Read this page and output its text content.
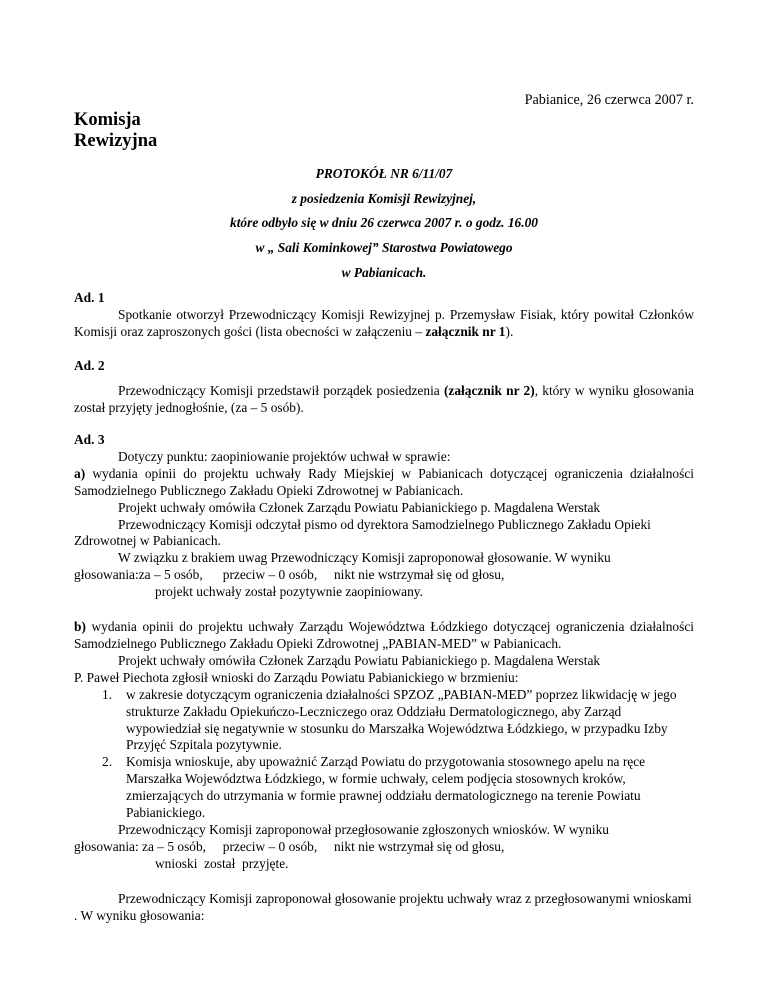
Pabianice, 26 czerwca 2007 r.
Komisja
Rewizyjna
PROTOKÓŁ NR 6/11/07
z posiedzenia Komisji Rewizyjnej,
które odbyło się w dniu 26 czerwca 2007 r. o godz. 16.00
w „ Sali Kominkowej” Starostwa Powiatowego
w Pabianicach.
Ad. 1

Spotkanie otworzył Przewodniczący Komisji Rewizyjnej p. Przemysław Fisiak, który powitał Członków Komisji oraz zaproszonych gości (lista obecności w załączeniu – załącznik nr 1).

Ad. 2

Przewodniczący Komisji przedstawił porządek posiedzenia (załącznik nr 2), który w wyniku głosowania został przyjęty jednogłośnie, (za – 5 osób).

Ad. 3

Dotyczy punktu: zaopiniowanie projektów uchwał w sprawie:

a) wydania opinii do projektu uchwały Rady Miejskiej w Pabianicach dotyczącej ograniczenia działalności Samodzielnego Publicznego Zakładu Opieki Zdrowotnej w Pabianicach.

Projekt uchwały omówiła Członek Zarządu Powiatu Pabianickiego p. Magdalena Werstak

Przewodniczący Komisji odczytał pismo od dyrektora Samodzielnego Publicznego Zakładu Opieki Zdrowotnej w Pabianicach.

W związku z brakiem uwag Przewodniczący Komisji zaproponował głosowanie. W wyniku

głosowania:za – 5 osób,      przeciw – 0 osób,     nikt nie wstrzymał się od głosu,

projekt uchwały został pozytywnie zaopiniowany.

b) wydania opinii do projektu uchwały Zarządu Województwa Łódzkiego dotyczącej ograniczenia działalności Samodzielnego Publicznego Zakładu Opieki Zdrowotnej „PABIAN-MED” w Pabianicach.

Projekt uchwały omówiła Członek Zarządu Powiatu Pabianickiego p. Magdalena Werstak

P. Paweł Piechota zgłosił wnioski do Zarządu Powiatu Pabianickiego w brzmieniu:

1. w zakresie dotyczącym ograniczenia działalności SPZOZ „PABIAN-MED” poprzez likwidację w jego strukturze Zakładu Opiekuńczo-Leczniczego oraz Oddziału Dermatologicznego, aby Zarząd wypowiedział się negatywnie w stosunku do Marszałka Województwa Łódzkiego, w przypadku Izby Przyjęć Szpitala pozytywnie.
2. Komisja wnioskuje, aby upoważnić Zarząd Powiatu do przygotowania stosownego apelu na ręce Marszałka Województwa Łódzkiego, w formie uchwały, celem podjęcia stosownych kroków, zmierzających do utrzymania w formie prawnej oddziału dermatologicznego na terenie Powiatu Pabianickiego.

Przewodniczący Komisji zaproponował przegłosowanie zgłoszonych wniosków. W wyniku

głosowania: za – 5 osób,     przeciw – 0 osób,     nikt nie wstrzymał się od głosu,

wnioski  został  przyjęte.

Przewodniczący Komisji zaproponował głosowanie projektu uchwały wraz z przegłosowanymi wnioskami . W wyniku głosowania:
